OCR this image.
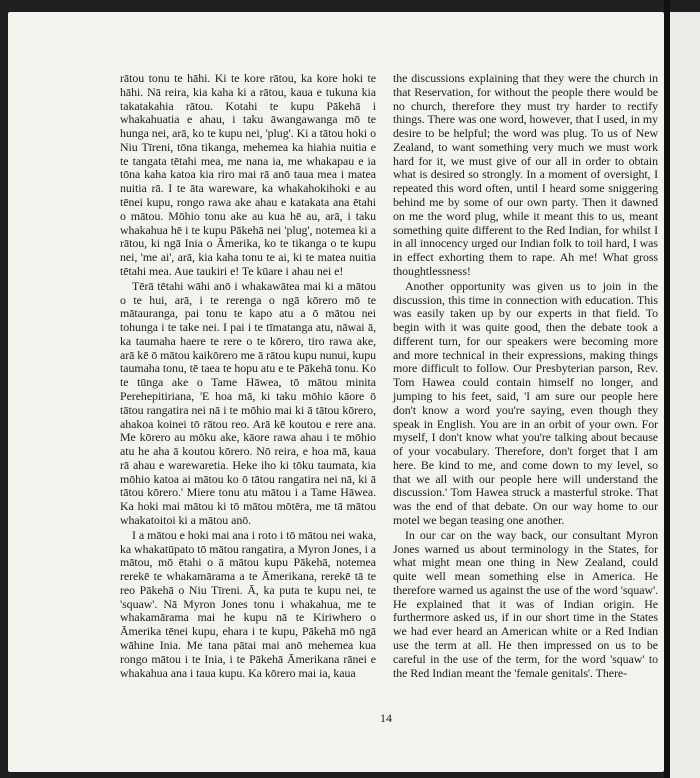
rātou tonu te hāhi. Ki te kore rātou, ka kore hoki te hāhi. Nā reira, kia kaha ki a rātou, kaua e tukuna kia takatakahia rātou. Kotahi te kupu Pākehā i whakahuatia e ahau, i taku āwangawanga mō te hunga nei, arā, ko te kupu nei, 'plug'. Ki a tātou hoki o Niu Tīreni, tōna tikanga, mehemea ka hiahia nuitia e te tangata tētahi mea, me nana ia, me whakapau e ia tōna kaha katoa kia riro mai rā anō taua mea i matea nuitia rā. I te āta wareware, ka whakahokihoki e au tēnei kupu, rongo rawa ake ahau e katakata ana ētahi o mātou. Mōhio tonu ake au kua hē au, arā, i taku whakahua hē i te kupu Pākehā nei 'plug', notemea ki a rātou, ki ngā Inia o Āmerika, ko te tikanga o te kupu nei, 'me ai', arā, kia kaha tonu te ai, ki te matea nuitia tētahi mea. Aue taukiri e! Te kūare i ahau nei e!

Tērā tētahi wāhi anō i whakawātea mai ki a mātou o te hui, arā, i te rerenga o ngā kōrero mō te mātauranga, pai tonu te kapo atu a ō mātou nei tohunga i te take nei. I pai i te tīmatanga atu, nāwai ā, ka taumaha haere te rere o te kōrero, tiro rawa ake, arā kē ō mātou kaikōrero me ā rātou kupu nunui, kupu taumaha tonu, tē taea te hopu atu e te Pākehā tonu. Ko te tūnga ake o Tame Hāwea, tō mātou minita Perehepitiriana, 'E hoa mā, ki taku mōhio kāore ō tātou rangatira nei nā i te mōhio mai ki ā tātou kōrero, ahakoa koinei tō rātou reo. Arā kē koutou e rere ana. Me kōrero au mōku ake, kāore rawa ahau i te mōhio atu he aha ā koutou kōrero. Nō reira, e hoa mā, kaua rā ahau e warewaretia. Heke iho ki tōku taumata, kia mōhio katoa ai mātou ko ō tātou rangatira nei nā, ki ā tātou kōrero.' Miere tonu atu mātou i a Tame Hāwea. Ka hoki mai mātou ki tō mātou mōtēra, me tā mātou whakatoitoi ki a mātou anō.

I a mātou e hoki mai ana i roto i tō mātou nei waka, ka whakatūpato tō mātou rangatira, a Myron Jones, i a mātou, mō ētahi o ā mātou kupu Pākehā, notemea rerekē te whakamārama a te Āmerikana, rerekē tā te reo Pākehā o Niu Tīreni. Ā, ka puta te kupu nei, te 'squaw'. Nā Myron Jones tonu i whakahua, me te whakamārama mai he kupu nā te Kiriwhero o Āmerika tēnei kupu, ehara i te kupu, Pākehā mō ngā wāhine Inia. Me tana pātai mai anō mehemea kua rongo mātou i te Inia, i te Pākehā Āmerikana rānei e whakahua ana i taua kupu. Ka kōrero mai ia, kaua

the discussions explaining that they were the church in that Reservation, for without the people there would be no church, therefore they must try harder to rectify things. There was one word, however, that I used, in my desire to be helpful; the word was plug. To us of New Zealand, to want something very much we must work hard for it, we must give of our all in order to obtain what is desired so strongly. In a moment of oversight, I repeated this word often, until I heard some sniggering behind me by some of our own party. Then it dawned on me the word plug, while it meant this to us, meant something quite different to the Red Indian, for whilst I in all innocency urged our Indian folk to toil hard, I was in effect exhorting them to rape. Ah me! What gross thoughtlessness!

Another opportunity was given us to join in the discussion, this time in connection with education. This was easily taken up by our experts in that field. To begin with it was quite good, then the debate took a different turn, for our speakers were becoming more and more technical in their expressions, making things more difficult to follow. Our Presbyterian parson, Rev. Tom Hawea could contain himself no longer, and jumping to his feet, said, 'I am sure our people here don't know a word you're saying, even though they speak in English. You are in an orbit of your own. For myself, I don't know what you're talking about because of your vocabulary. Therefore, don't forget that I am here. Be kind to me, and come down to my level, so that we all with our people here will understand the discussion.' Tom Hawea struck a masterful stroke. That was the end of that debate. On our way home to our motel we began teasing one another.

In our car on the way back, our consultant Myron Jones warned us about terminology in the States, for what might mean one thing in New Zealand, could quite well mean something else in America. He therefore warned us against the use of the word 'squaw'. He explained that it was of Indian origin. He furthermore asked us, if in our short time in the States we had ever heard an American white or a Red Indian use the term at all. He then impressed on us to be careful in the use of the term, for the word 'squaw' to the Red Indian meant the 'female genitals'. There-

14
